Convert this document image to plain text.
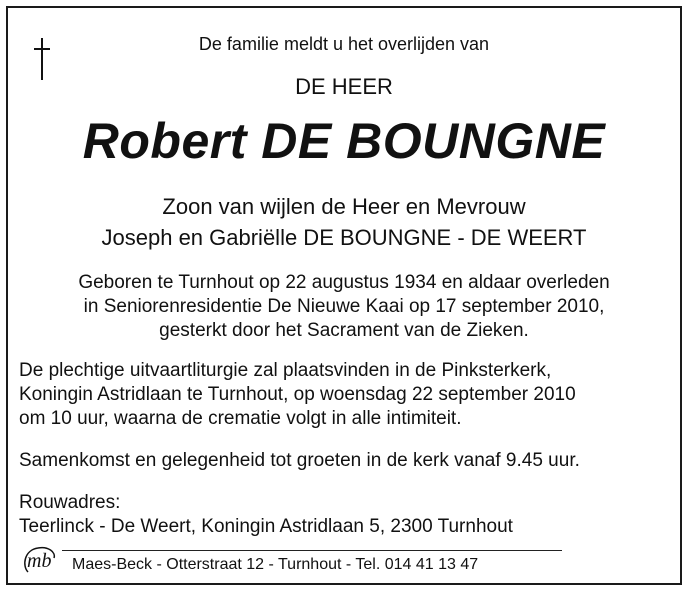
De familie meldt u het overlijden van
DE HEER
Robert DE BOUNGNE
Zoon van wijlen de Heer en Mevrouw
Joseph en Gabriëlle DE BOUNGNE - DE WEERT
Geboren te Turnhout op 22 augustus 1934 en aldaar overleden
in Seniorenresidentie De Nieuwe Kaai op 17 september 2010,
gesterkt door het Sacrament van de Zieken.
De plechtige uitvaartliturgie zal plaatsvinden in de Pinksterkerk,
Koningin Astridlaan te Turnhout, op woensdag 22 september 2010
om 10 uur, waarna de crematie volgt in alle intimiteit.
Samenkomst en gelegenheid tot groeten in de kerk vanaf 9.45 uur.
Rouwadres:
Teerlinck - De Weert, Koningin Astridlaan 5, 2300 Turnhout
mb Maes-Beck - Otterstraat 12 - Turnhout - Tel. 014 41 13 47
